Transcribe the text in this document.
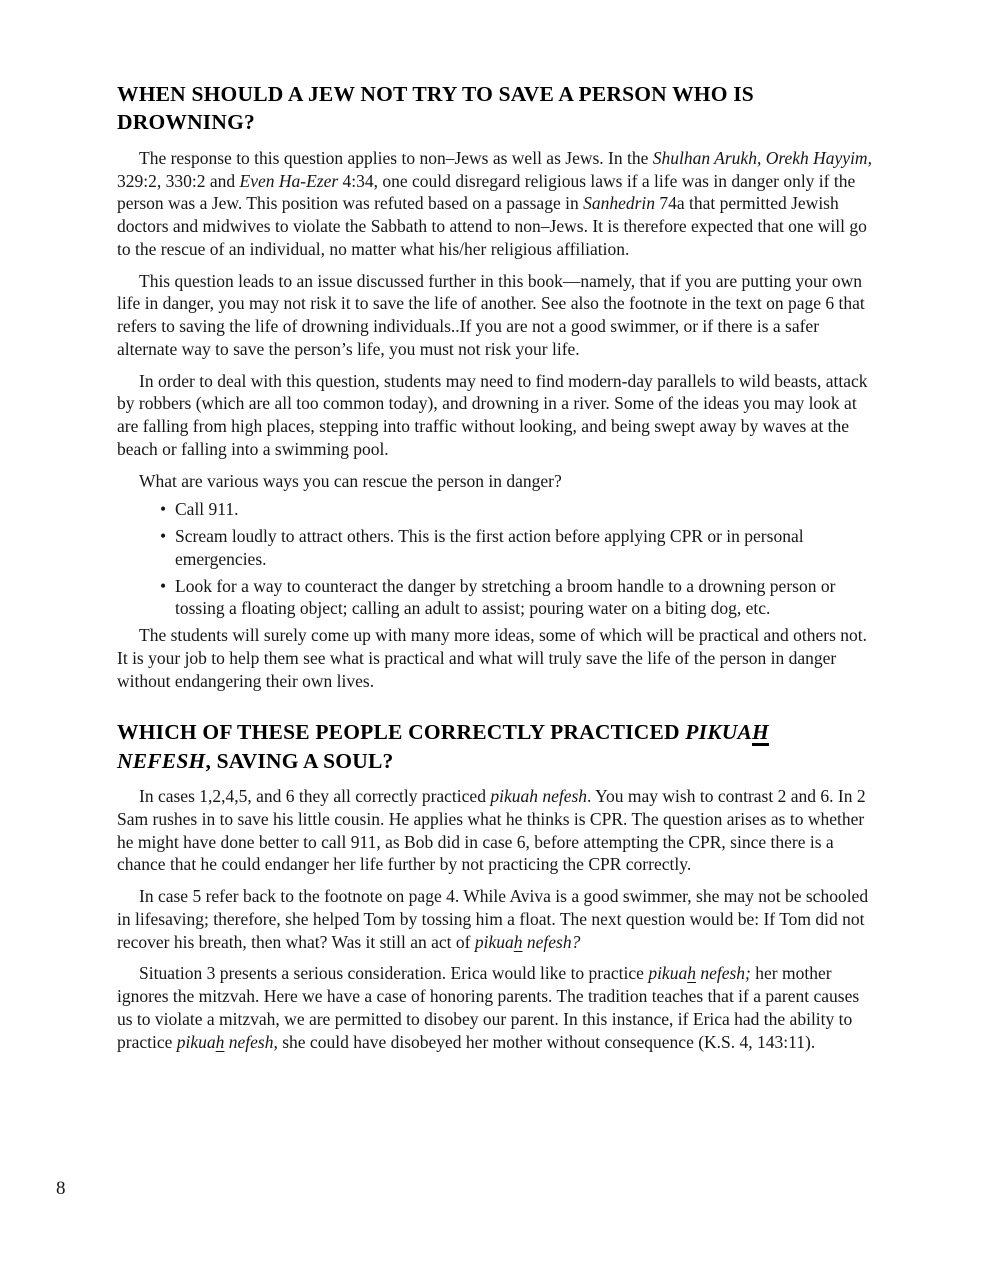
WHEN SHOULD A JEW NOT TRY TO SAVE A PERSON WHO IS
DROWNING?

The response to this question applies to non–Jews as well as Jews. In the Shulhan Arukh, Orekh Hayyim, 329:2, 330:2 and Even Ha-Ezer 4:34, one could disregard religious laws if a life was in danger only if the person was a Jew. This position was refuted based on a passage in Sanhedrin 74a that permitted Jewish doctors and midwives to violate the Sabbath to attend to non–Jews. It is therefore expected that one will go to the rescue of an individual, no matter what his/her religious affiliation.

This question leads to an issue discussed further in this book—namely, that if you are putting your own life in danger, you may not risk it to save the life of another. See also the footnote in the text on page 6 that refers to saving the life of drowning individuals..If you are not a good swimmer, or if there is a safer alternate way to save the person’s life, you must not risk your life.

In order to deal with this question, students may need to find modern-day parallels to wild beasts, attack by robbers (which are all too common today), and drowning in a river. Some of the ideas you may look at are falling from high places, stepping into traffic without looking, and being swept away by waves at the beach or falling into a swimming pool.

What are various ways you can rescue the person in danger?

• Call 911.

• Scream loudly to attract others. This is the first action before applying CPR or in personal emergencies.

• Look for a way to counteract the danger by stretching a broom handle to a drowning person or tossing a floating object; calling an adult to assist; pouring water on a biting dog, etc.

The students will surely come up with many more ideas, some of which will be practical and others not. It is your job to help them see what is practical and what will truly save the life of the person in danger without endangering their own lives.

WHICH OF THESE PEOPLE CORRECTLY PRACTICED PIKUAH
NEFESH, SAVING A SOUL?

In cases 1,2,4,5, and 6 they all correctly practiced pikuah nefesh. You may wish to contrast 2 and 6. In 2 Sam rushes in to save his little cousin. He applies what he thinks is CPR. The question arises as to whether he might have done better to call 911, as Bob did in case 6, before attempting the CPR, since there is a chance that he could endanger her life further by not practicing the CPR correctly.

In case 5 refer back to the footnote on page 4. While Aviva is a good swimmer, she may not be schooled in lifesaving; therefore, she helped Tom by tossing him a float. The next question would be: If Tom did not recover his breath, then what? Was it still an act of pikuah nefesh?

Situation 3 presents a serious consideration. Erica would like to practice pikuah nefesh; her mother ignores the mitzvah. Here we have a case of honoring parents. The tradition teaches that if a parent causes us to violate a mitzvah, we are permitted to disobey our parent. In this instance, if Erica had the ability to practice pikuah nefesh, she could have disobeyed her mother without consequence (K.S. 4, 143:11).

8
